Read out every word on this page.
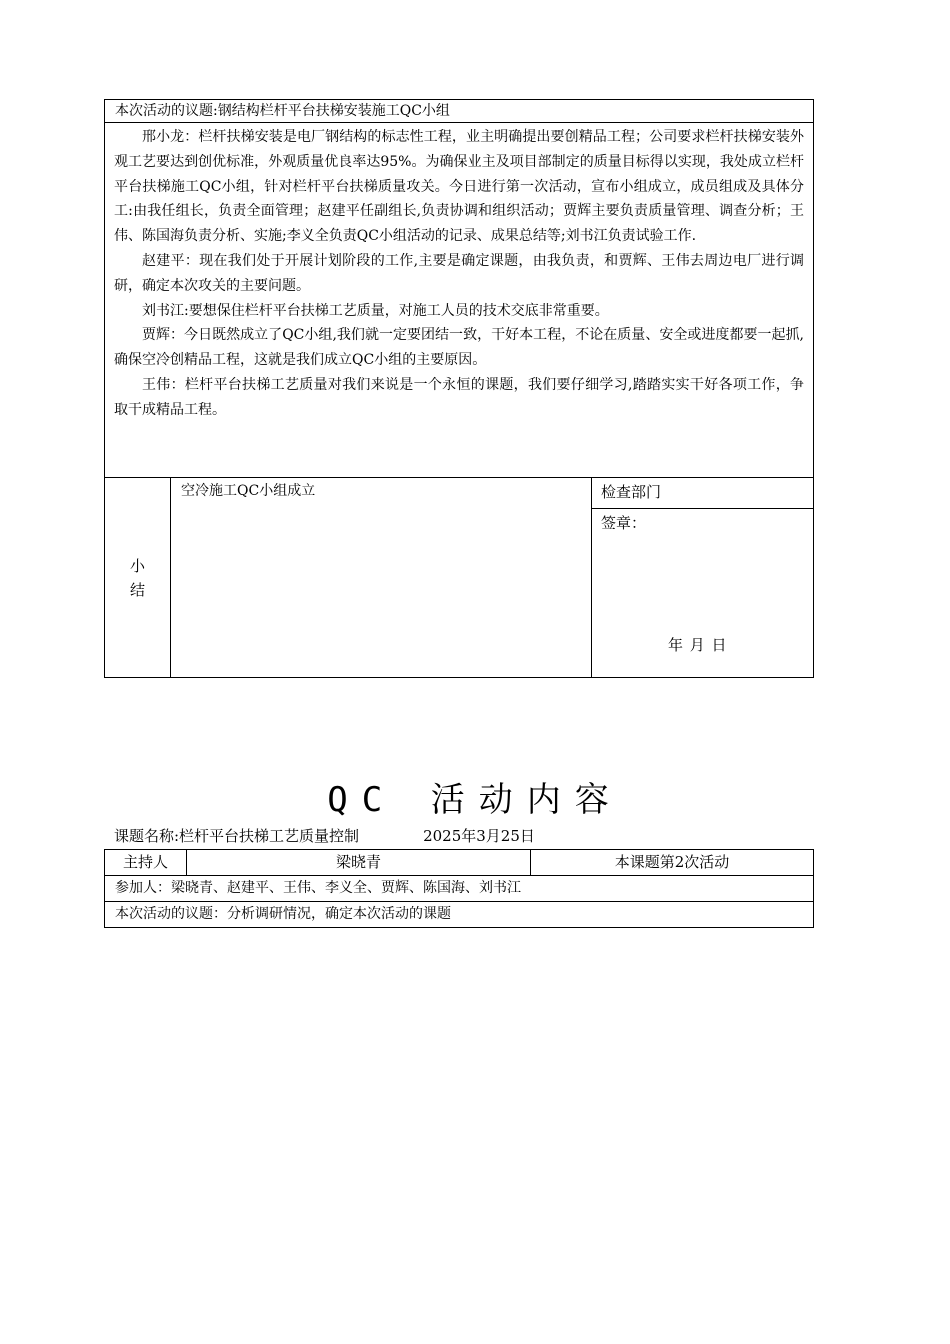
本次活动的议题:钢结构栏杆平台扶梯安装施工QC小组

邢小龙：栏杆扶梯安装是电厂钢结构的标志性工程，业主明确提出要创精品工程；公司要求栏杆扶梯安装外观工艺要达到创优标准，外观质量优良率达95%。为确保业主及项目部制定的质量目标得以实现，我处成立栏杆平台扶梯施工QC小组，针对栏杆平台扶梯质量攻关。今日进行第一次活动，宣布小组成立，成员组成及具体分工:由我任组长，负责全面管理；赵建平任副组长,负责协调和组织活动；贾辉主要负责质量管理、调查分析；王伟、陈国海负责分析、实施;李义全负责QC小组活动的记录、成果总结等;刘书江负责试验工作.

赵建平：现在我们处于开展计划阶段的工作,主要是确定课题，由我负责，和贾辉、王伟去周边电厂进行调研，确定本次攻关的主要问题。

刘书江:要想保住栏杆平台扶梯工艺质量，对施工人员的技术交底非常重要。

贾辉：今日既然成立了QC小组,我们就一定要团结一致，干好本工程，不论在质量、安全或进度都要一起抓,确保空冷创精品工程，这就是我们成立QC小组的主要原因。

王伟：栏杆平台扶梯工艺质量对我们来说是一个永恒的课题，我们要仔细学习,踏踏实实干好各项工作，争取干成精品工程。

小
结
	空冷施工QC小组成立	检查部门
签章：
年 月 日
QC 活动内容
课题名称:栏杆平台扶梯工艺质量控制	2025年3月25日
主持人	梁晓青	本课题第2次活动
参加人：梁晓青、赵建平、王伟、李义全、贾辉、陈国海、刘书江
本次活动的议题：分析调研情况，确定本次活动的课题
